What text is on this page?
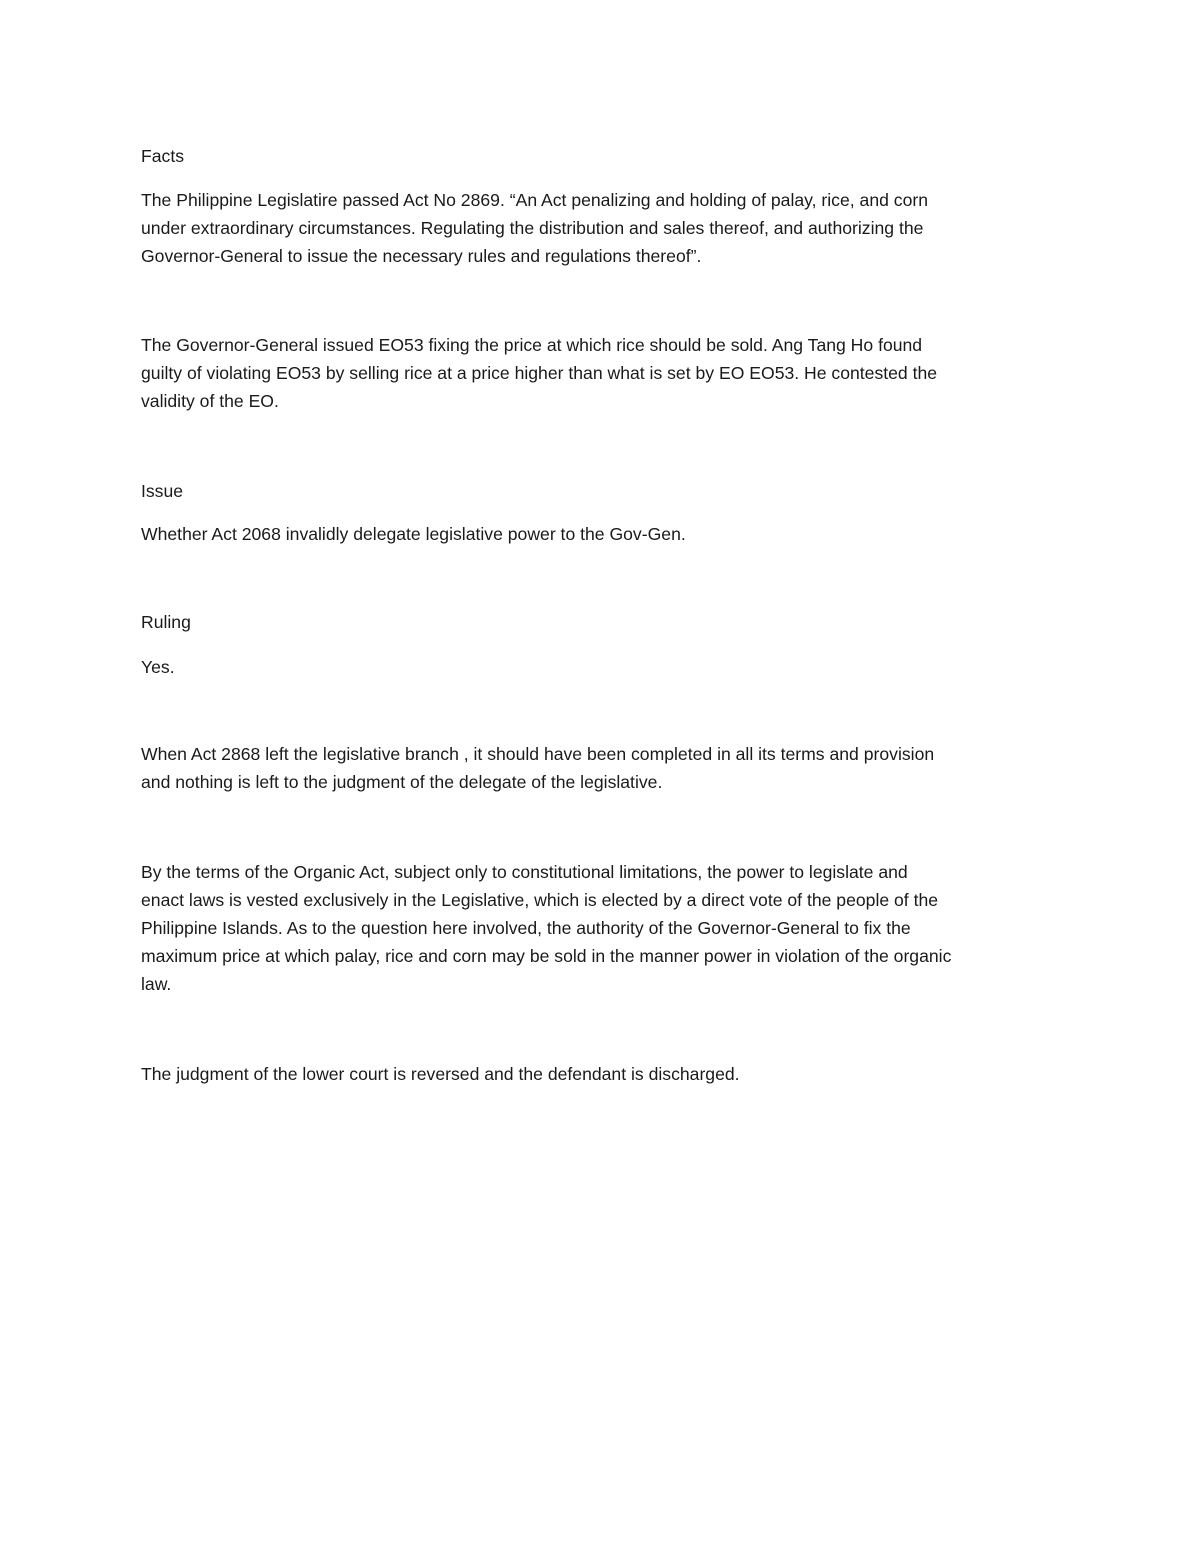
Facts

The Philippine Legislatire passed Act No 2869. “An Act penalizing and holding of palay, rice, and corn

under extraordinary circumstances. Regulating the distribution and sales thereof, and authorizing the

Governor-General to issue the necessary rules and regulations thereof”.

The Governor-General issued EO53 fixing the price at which rice should be sold. Ang Tang Ho found

guilty of violating EO53 by selling rice at a price higher than what is set by EO EO53. He contested the

validity of the EO.

Issue

Whether Act 2068 invalidly delegate legislative power to the Gov-Gen.

Ruling

Yes.

When Act 2868 left the legislative branch , it should have been completed in all its terms and provision

and nothing is left to the judgment of the delegate of the legislative.

By the terms of the Organic Act, subject only to constitutional limitations, the power to legislate and

enact laws is vested exclusively in the Legislative, which is elected by a direct vote of the people of the

Philippine Islands. As to the question here involved, the authority of the Governor-General to fix the

maximum price at which palay, rice and corn may be sold in the manner power in violation of the organic

law.

The judgment of the lower court is reversed and the defendant is discharged.
